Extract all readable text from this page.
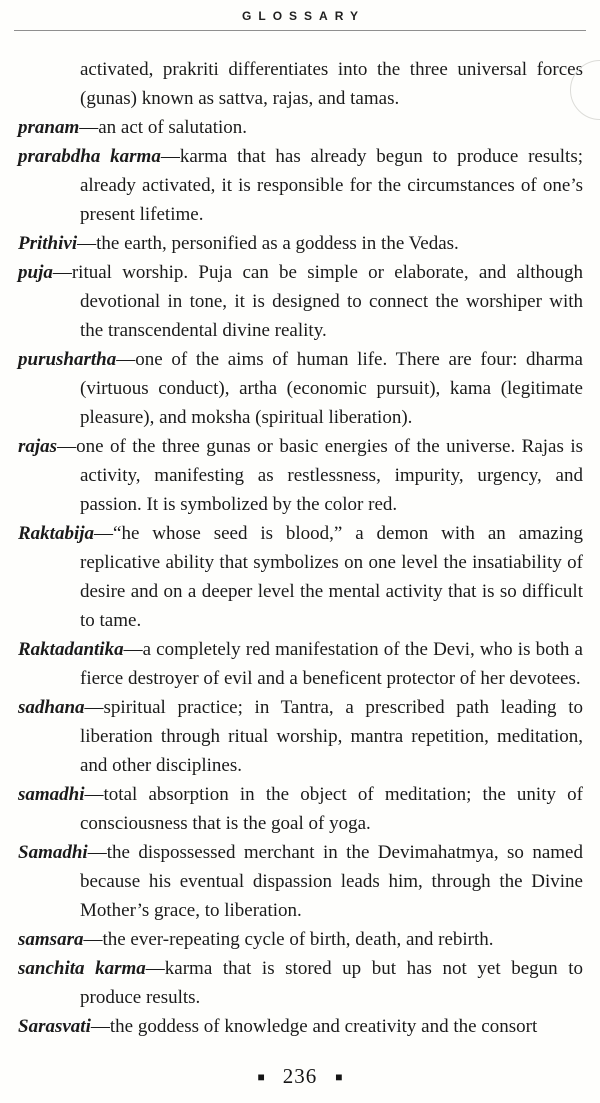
GLOSSARY

activated, prakriti differentiates into the three universal forces (gunas) known as sattva, rajas, and tamas.

pranam—an act of salutation.

prarabdha karma—karma that has already begun to produce results; already activated, it is responsible for the circumstances of one’s present lifetime.

Prithivi—the earth, personified as a goddess in the Vedas.

puja—ritual worship. Puja can be simple or elaborate, and although devotional in tone, it is designed to connect the worshiper with the transcendental divine reality.

purushartha—one of the aims of human life. There are four: dharma (virtuous conduct), artha (economic pursuit), kama (legitimate pleasure), and moksha (spiritual liberation).

rajas—one of the three gunas or basic energies of the universe. Rajas is activity, manifesting as restlessness, impurity, urgency, and passion. It is symbolized by the color red.

Raktabija—“he whose seed is blood,” a demon with an amazing replicative ability that symbolizes on one level the insatiability of desire and on a deeper level the mental activity that is so difficult to tame.

Raktadantika—a completely red manifestation of the Devi, who is both a fierce destroyer of evil and a beneficent protector of her devotees.

sadhana—spiritual practice; in Tantra, a prescribed path leading to liberation through ritual worship, mantra repetition, meditation, and other disciplines.

samadhi—total absorption in the object of meditation; the unity of consciousness that is the goal of yoga.

Samadhi—the dispossessed merchant in the Devimahatmya, so named because his eventual dispassion leads him, through the Divine Mother’s grace, to liberation.

samsara—the ever-repeating cycle of birth, death, and rebirth.

sanchita karma—karma that is stored up but has not yet begun to produce results.

Sarasvati—the goddess of knowledge and creativity and the consort

■ 236 ■
